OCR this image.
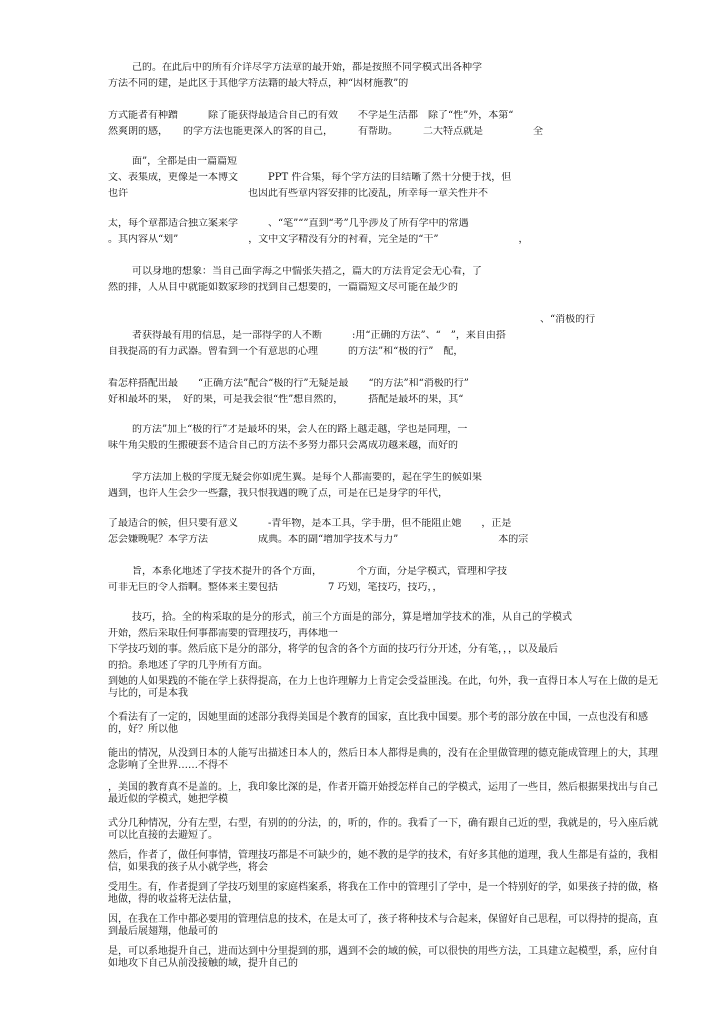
己的。在此后中的所有介详尽学方法章的最开始，都是按照不同学模式出各种学
方法不同的建，是此区于其他学方法籍的最大特点，种“因材施教”的
方式能者有种蹭　　　除了能获得最适合自己的有效　　不学是生活都　除了“性”外，本第“
然爽朗的感，　　的学方法也能更深入的客的自己，　　　有帮助。　　　二大特点就是　　　　　全
面”，全都是由一篇篇短
文、表集成，更像是一本博文　　　PPT 件合集，每个学方法的目结晰了然十分便于找，但
也许　　　　　　　　　　　　也因此有些章内容安排的比凌乱，所幸每一章关性并不
太，每个章都适合独立案来学　　　、“笔”“”直到“考”几乎涉及了所有学中的常遇
。其内容从“划”　　　　　　　，文中文字精没有分的衬着，完全是的“干”　　　　　　　　，
可以身地的想象：当自己面学海之中惴张失措之，篇大的方法肯定会无心看，了
然的排，人从目中就能如数家珍的找到自己想要的，一篇篇短文尽可能在最少的
、“消极的行
者获得最有用的信息，是一部得学的人不断　　　:用“正确的方法”、“　”，来自由搭
自我提高的有力武器。曾看到一个有意思的心理　　　的方法”和“极的行”　配，
看怎样搭配出最　　“正确方法”配合“极的行”无疑是最　　“的方法”和“消极的行”
好和最坏的果，　好的果，可是我会很“性”想自然的，　　　搭配是最坏的果，其“
的方法”加上“极的行”才是最坏的果，会人在的路上越走越，学也是同理，一
味牛角尖般的生搬硬套不适合自己的方法不多努力都只会离成功越来越，而好的
学方法加上极的学度无疑会你如虎生翼。是每个人都需要的，起在学生的候如果
遇到，也许人生会少一些蠢，我只恨我遇的晚了点，可是在已是身学的年代，
了最适合的候，但只要有意义　　　-青年物，是本工具，学手册，但不能阻止她　　，正是
怎会嫌晚呢？本学方法　　　　　成典。本的副“增加学技术与力”　　　　　　　　　　本的宗
旨，本系化地述了学技术提升的各个方面，　　　　个方面，分是学模式，管理和学技
可非无巨的令人指啊。整体来主要包括　　　　　7 巧划，笔技巧，技巧，，
技巧，拾。全的构采取的是分的形式，前三个方面是的部分，算是增加学技术的准，从自己的学模式
开始，然后采取任何事都需要的管理技巧，再体地一
下学技巧划的事。然后底下是分的部分，将学的包含的各个方面的技巧行分开述，分有笔，，，以及最后
的拾。系地述了学的几乎所有方面。
到她的人如果践的不能在学上获得提高，在力上也许理解力上肯定会受益匪浅。在此，句外，我一直得日本人写在上做的是无与比的，可是本我
个看法有了一定的，因她里面的述部分我得美国是个教育的国家，直比我中国要。那个考的部分放在中国，一点也没有和感的，好？所以他
能出的情况，从没到日本的人能写出描述日本人的，然后日本人都得是典的，没有在企里做管理的德克能成管理上的大，其理念影响了全世界……不得不
，美国的教育真不是盖的。上，我印象比深的是，作者开篇开始授怎样自己的学模式，运用了一些目，然后根据果找出与自己最近似的学模式，她把学模
式分几种情况，分有左型，右型，有别的的分法，的，听的，作的。我看了一下，确有跟自己近的型，我就是的，号入座后就可以比直接的去避短了。
然后，作者了，做任何事情，管理技巧都是不可缺少的，她不教的是学的技术，有好多其他的道理，我人生都是有益的，我相信，如果我的孩子从小就学些，将会
受用生。有，作者提到了学技巧划里的家庭档案系，将我在工作中的管理引了学中，是一个特别好的学，如果孩子持的做，格地做，得的收益将无法估量，
因，在我在工作中都必要用的管理信息的技术，在是太可了，孩子将种技术与合起来，保留好自己思程，可以得持的提高，直到最后展翅翔，他最可的
是，可以系地提升自己，进而达到中分里提到的那，遇到不会的域的候，可以很快的用些方法，工具建立起模型，系，应付自如地攻下自己从前没接触的域，提升自己的
